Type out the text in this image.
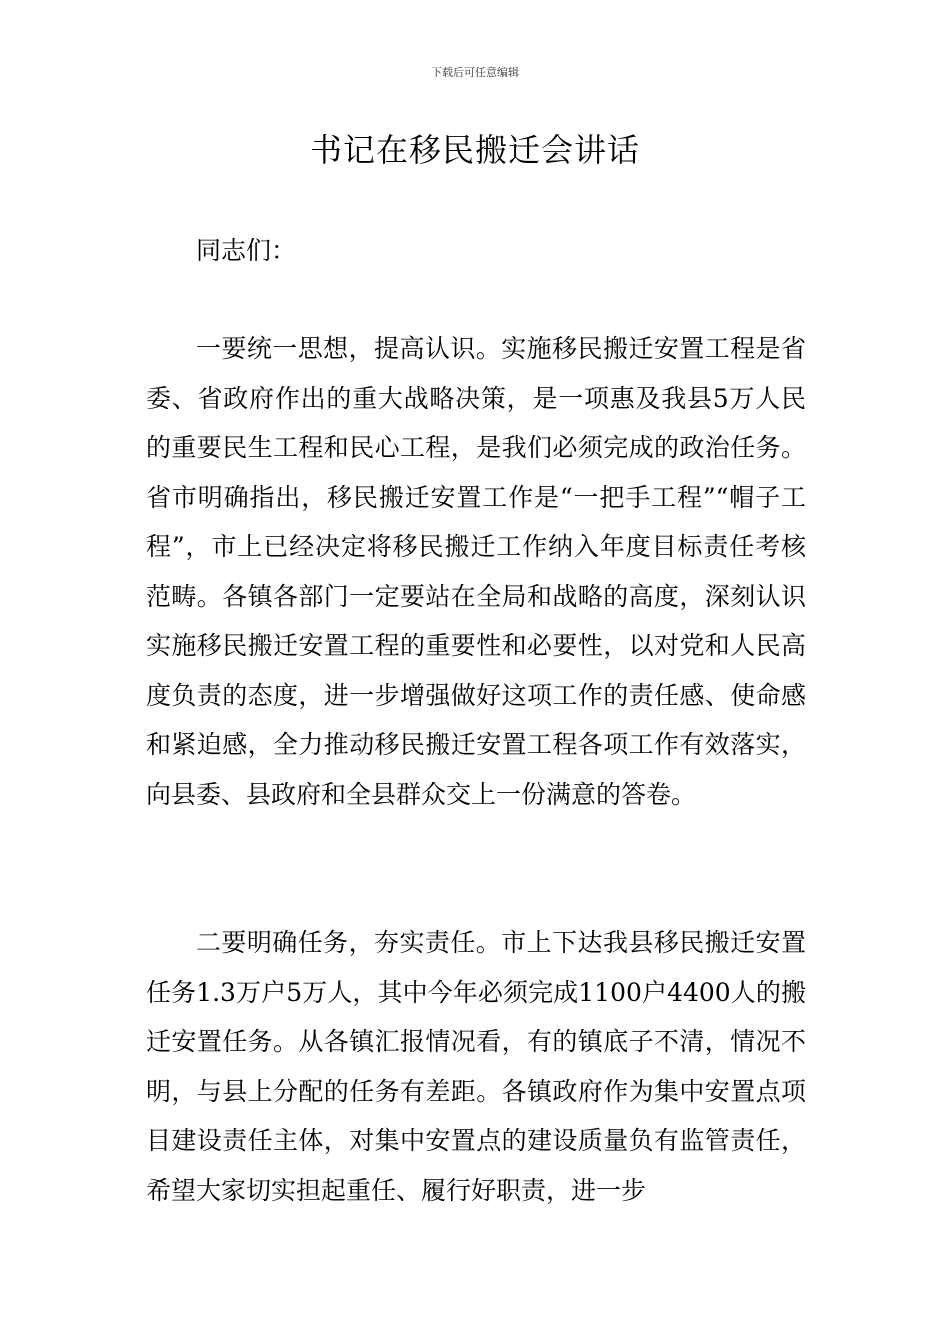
下载后可任意编辑
书记在移民搬迁会讲话

同志们：

一要统一思想，提高认识。实施移民搬迁安置工程是省委、省政府作出的重大战略决策，是一项惠及我县5万人民的重要民生工程和民心工程，是我们必须完成的政治任务。省市明确指出，移民搬迁安置工作是“一把手工程”“帽子工程”，市上已经决定将移民搬迁工作纳入年度目标责任考核范畴。各镇各部门一定要站在全局和战略的高度，深刻认识实施移民搬迁安置工程的重要性和必要性，以对党和人民高度负责的态度，进一步增强做好这项工作的责任感、使命感和紧迫感，全力推动移民搬迁安置工程各项工作有效落实，向县委、县政府和全县群众交上一份满意的答卷。

二要明确任务，夯实责任。市上下达我县移民搬迁安置任务1.3万户5万人，其中今年必须完成1100户4400人的搬迁安置任务。从各镇汇报情况看，有的镇底子不清，情况不明，与县上分配的任务有差距。各镇政府作为集中安置点项目建设责任主体，对集中安置点的建设质量负有监管责任，希望大家切实担起重任、履行好职责，进一步
